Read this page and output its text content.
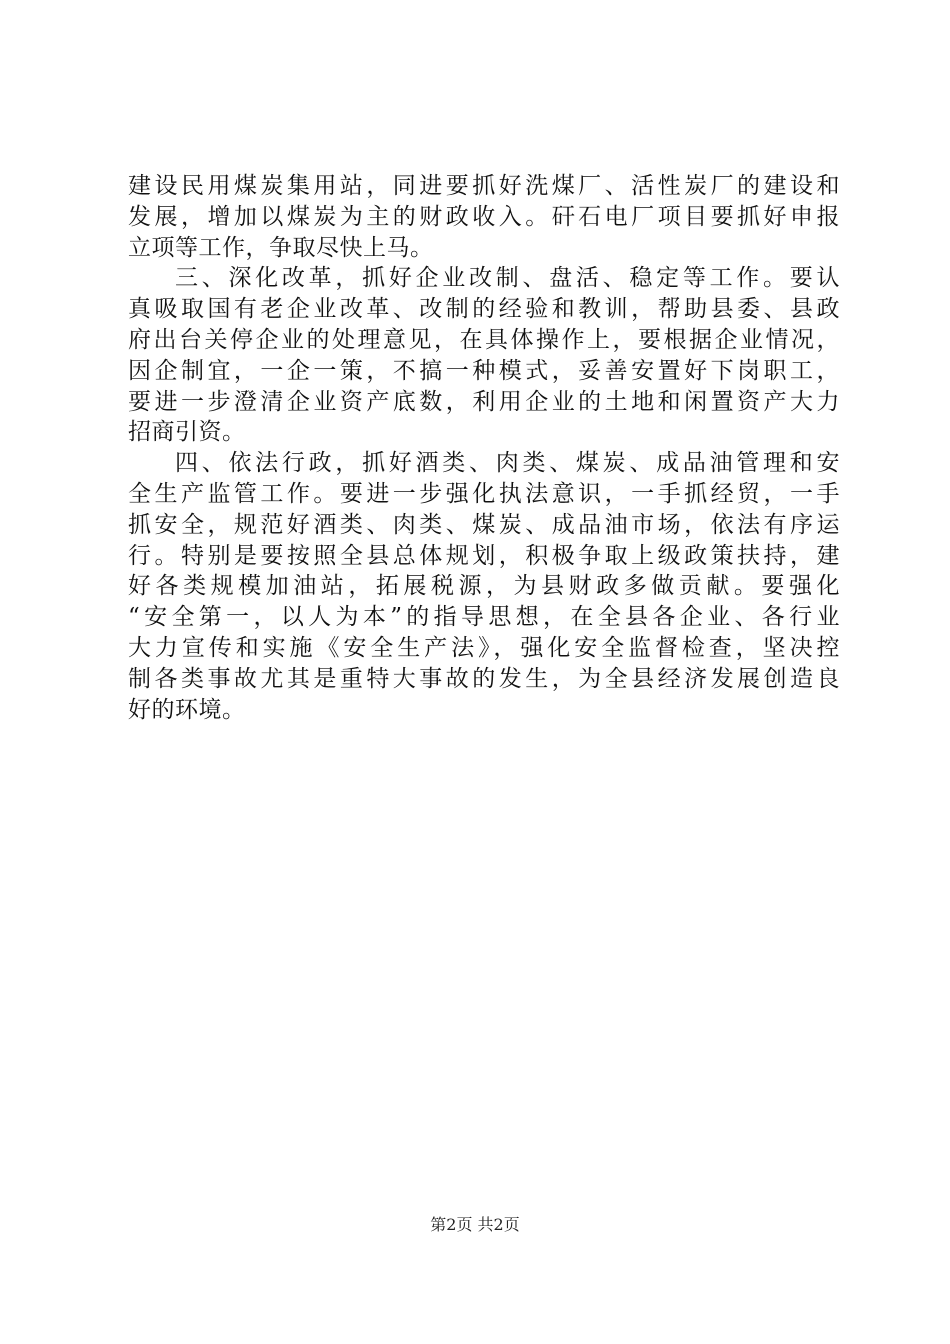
建设民用煤炭集用站，同进要抓好洗煤厂、活性炭厂的建设和
发展，增加以煤炭为主的财政收入。矸石电厂项目要抓好申报
立项等工作，争取尽快上马。
三、深化改革，抓好企业改制、盘活、稳定等工作。要认
真吸取国有老企业改革、改制的经验和教训，帮助县委、县政
府出台关停企业的处理意见，在具体操作上，要根据企业情况，
因企制宜，一企一策，不搞一种模式，妥善安置好下岗职工，
要进一步澄清企业资产底数，利用企业的土地和闲置资产大力
招商引资。
四、依法行政，抓好酒类、肉类、煤炭、成品油管理和安
全生产监管工作。要进一步强化执法意识，一手抓经贸，一手
抓安全，规范好酒类、肉类、煤炭、成品油市场，依法有序运
行。特别是要按照全县总体规划，积极争取上级政策扶持，建
好各类规模加油站，拓展税源，为县财政多做贡献。要强化
“安全第一，以人为本”的指导思想，在全县各企业、各行业
大力宣传和实施《安全生产法》，强化安全监督检查，坚决控
制各类事故尤其是重特大事故的发生，为全县经济发展创造良
好的环境。
第2页 共2页
